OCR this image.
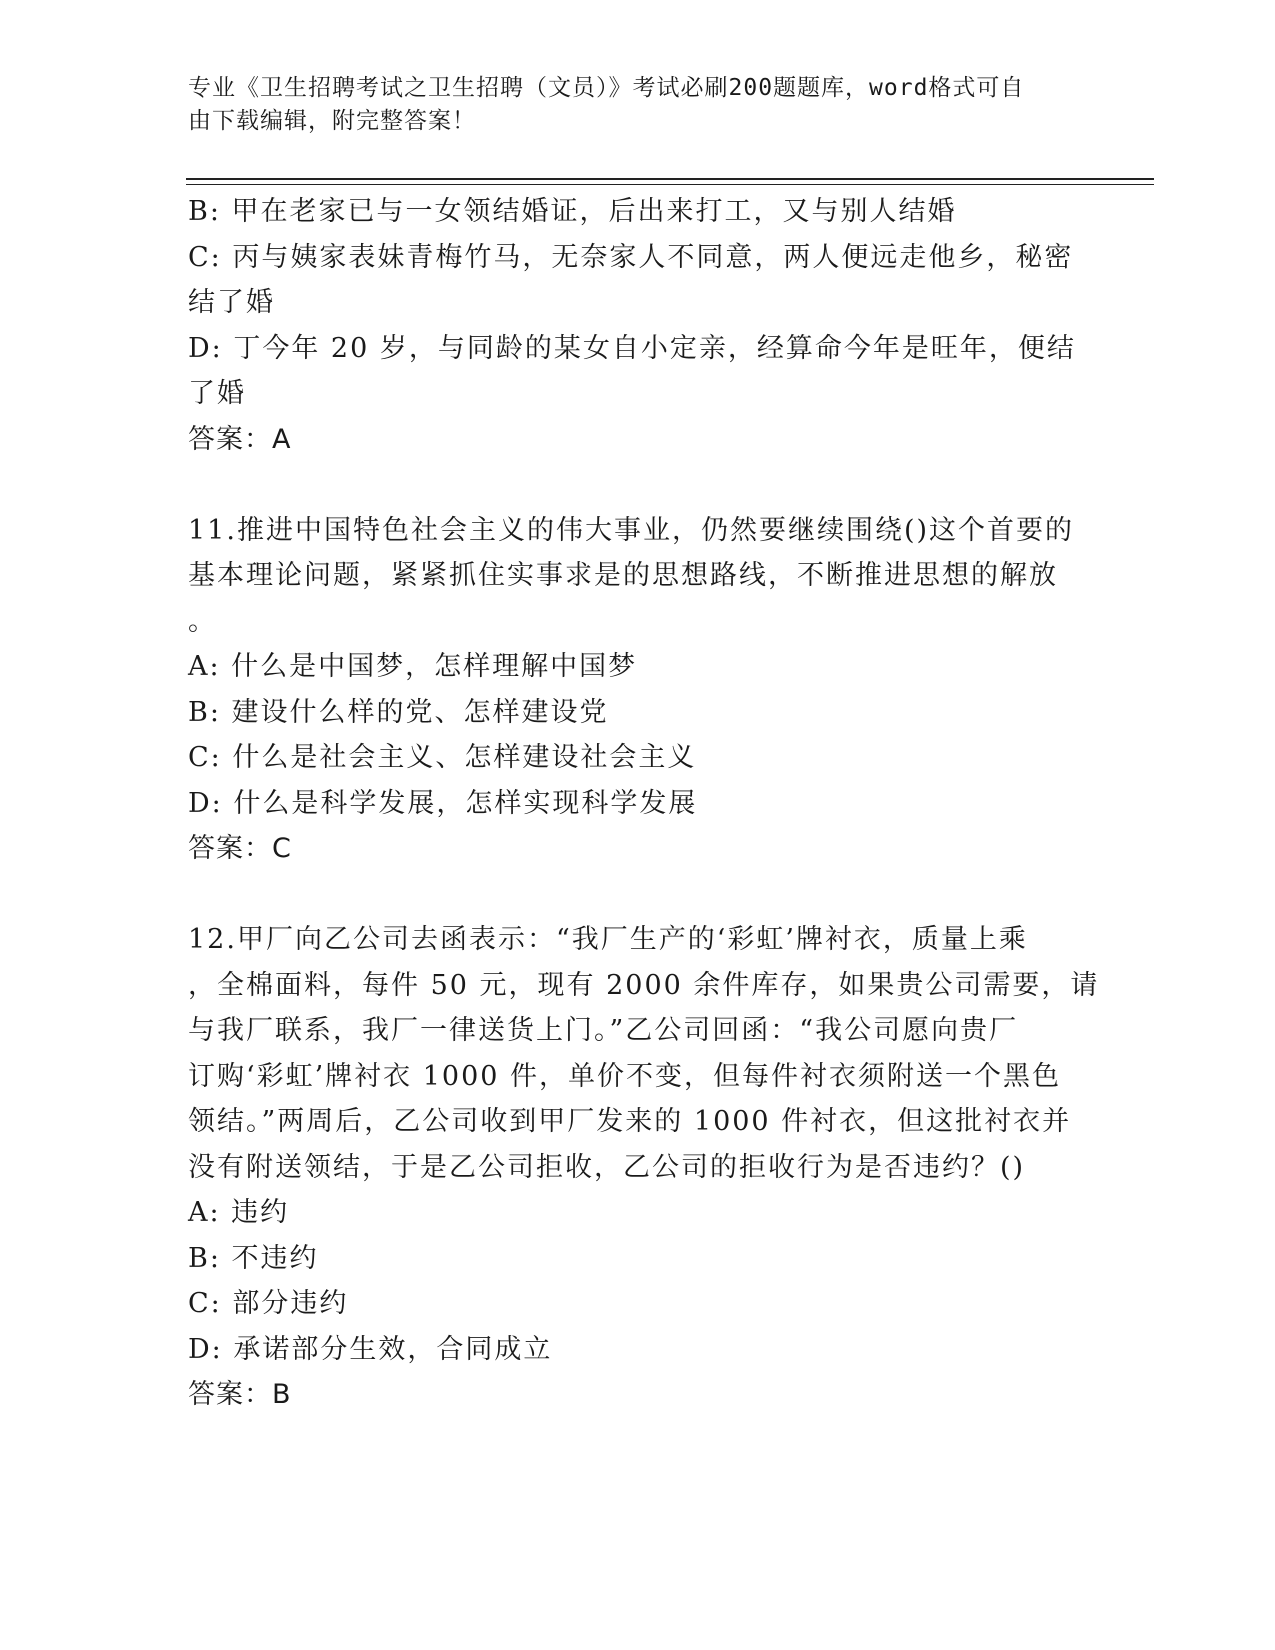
专业《卫生招聘考试之卫生招聘（文员）》考试必刷200题题库，word格式可自
由下载编辑，附完整答案！
B: 甲在老家已与一女领结婚证，后出来打工，又与别人结婚
C: 丙与姨家表妹青梅竹马，无奈家人不同意，两人便远走他乡，秘密
结了婚
D: 丁今年 20 岁，与同龄的某女自小定亲，经算命今年是旺年，便结
了婚
答案：A
11.推进中国特色社会主义的伟大事业，仍然要继续围绕()这个首要的
基本理论问题，紧紧抓住实事求是的思想路线，不断推进思想的解放
。
A: 什么是中国梦，怎样理解中国梦
B: 建设什么样的党、怎样建设党
C: 什么是社会主义、怎样建设社会主义
D: 什么是科学发展，怎样实现科学发展
答案：C
12.甲厂向乙公司去函表示：“我厂生产的‘彩虹’牌衬衣，质量上乘
，全棉面料，每件 50 元，现有 2000 余件库存，如果贵公司需要，请
与我厂联系，我厂一律送货上门。”乙公司回函：“我公司愿向贵厂
订购‘彩虹’牌衬衣 1000 件，单价不变，但每件衬衣须附送一个黑色
领结。”两周后，乙公司收到甲厂发来的 1000 件衬衣，但这批衬衣并
没有附送领结，于是乙公司拒收，乙公司的拒收行为是否违约？()
A: 违约
B: 不违约
C: 部分违约
D: 承诺部分生效，合同成立
答案：B
